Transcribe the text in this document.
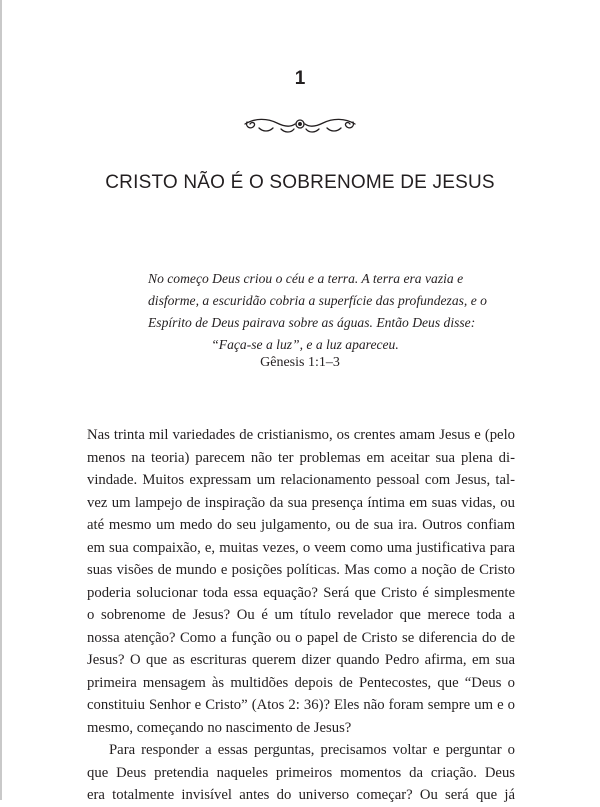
1
CRISTO NÃO É O SOBRENOME DE JESUS
No começo Deus criou o céu e a terra. A terra era vazia e
disforme, a escuridão cobria a superfície das profundezas, e o
Espírito de Deus pairava sobre as águas. Então Deus disse:
“Faça-se a luz”, e a luz apareceu.
Gênesis 1:1–3
Nas trinta mil variedades de cristianismo, os crentes amam Jesus e (pelo
menos na teoria) parecem não ter problemas em aceitar sua plena di-
vindade. Muitos expressam um relacionamento pessoal com Jesus, tal-
vez um lampejo de inspiração da sua presença íntima em suas vidas, ou
até mesmo um medo do seu julgamento, ou de sua ira. Outros confiam
em sua compaixão, e, muitas vezes, o veem como uma justificativa para
suas visões de mundo e posições políticas. Mas como a noção de Cristo
poderia solucionar toda essa equação? Será que Cristo é simplesmente
o sobrenome de Jesus? Ou é um título revelador que merece toda a
nossa atenção? Como a função ou o papel de Cristo se diferencia do de
Jesus? O que as escrituras querem dizer quando Pedro afirma, em sua
primeira mensagem às multidões depois de Pentecostes, que “Deus o
constituiu Senhor e Cristo” (Atos 2: 36)? Eles não foram sempre um e o
mesmo, começando no nascimento de Jesus?
Para responder a essas perguntas, precisamos voltar e perguntar o
que Deus pretendia naqueles primeiros momentos da criação. Deus
era totalmente invisível antes do universo começar? Ou será que já
